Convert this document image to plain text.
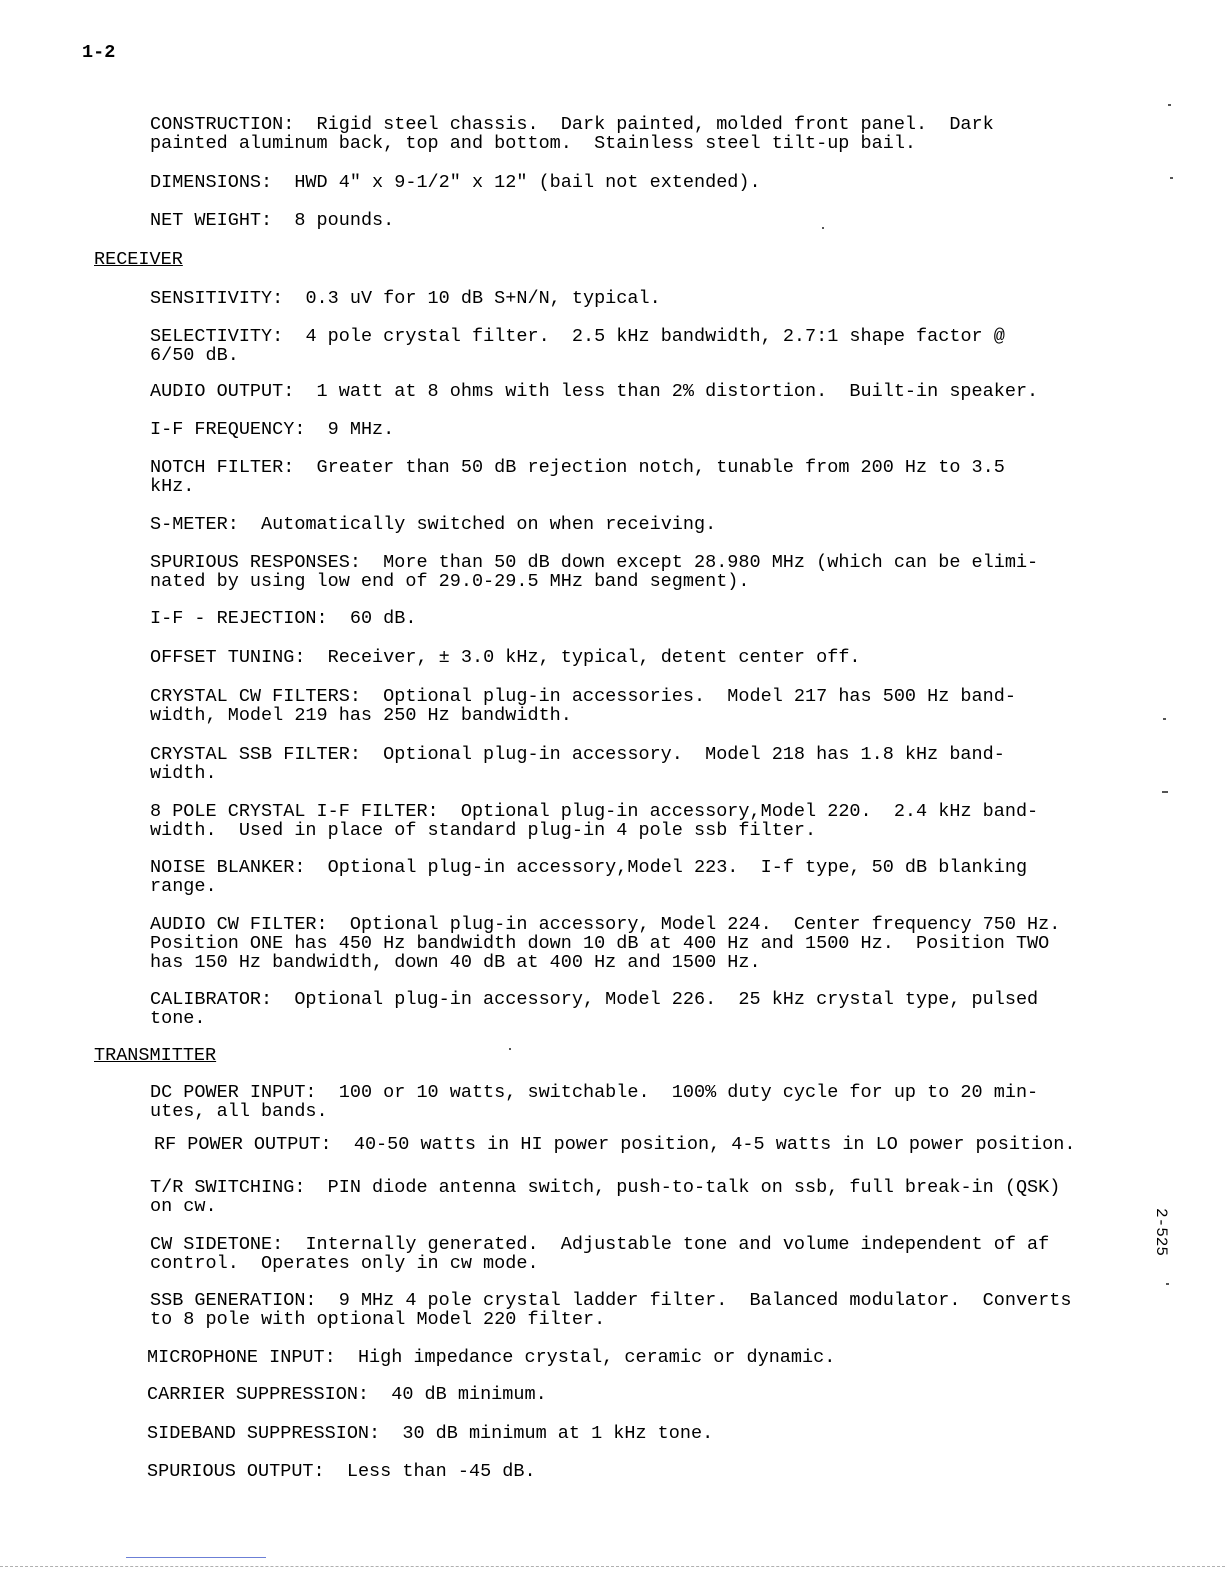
1-2
CONSTRUCTION:  Rigid steel chassis.  Dark painted, molded front panel.  Dark
painted aluminum back, top and bottom.  Stainless steel tilt-up bail.
DIMENSIONS:  HWD 4" x 9-1/2" x 12" (bail not extended).
NET WEIGHT:  8 pounds.
RECEIVER
SENSITIVITY:  0.3 uV for 10 dB S+N/N, typical.
SELECTIVITY:  4 pole crystal filter.  2.5 kHz bandwidth, 2.7:1 shape factor @
6/50 dB.
AUDIO OUTPUT:  1 watt at 8 ohms with less than 2% distortion.  Built-in speaker.
I-F FREQUENCY:  9 MHz.
NOTCH FILTER:  Greater than 50 dB rejection notch, tunable from 200 Hz to 3.5
kHz.
S-METER:  Automatically switched on when receiving.
SPURIOUS RESPONSES:  More than 50 dB down except 28.980 MHz (which can be elimi-
nated by using low end of 29.0-29.5 MHz band segment).
I-F - REJECTION:  60 dB.
OFFSET TUNING:  Receiver, ± 3.0 kHz, typical, detent center off.
CRYSTAL CW FILTERS:  Optional plug-in accessories.  Model 217 has 500 Hz band-
width, Model 219 has 250 Hz bandwidth.
CRYSTAL SSB FILTER:  Optional plug-in accessory.  Model 218 has 1.8 kHz band-
width.
8 POLE CRYSTAL I-F FILTER:  Optional plug-in accessory,Model 220.  2.4 kHz band-
width.  Used in place of standard plug-in 4 pole ssb filter.
NOISE BLANKER:  Optional plug-in accessory,Model 223.  I-f type, 50 dB blanking
range.
AUDIO CW FILTER:  Optional plug-in accessory, Model 224.  Center frequency 750 Hz.
Position ONE has 450 Hz bandwidth down 10 dB at 400 Hz and 1500 Hz.  Position TWO
has 150 Hz bandwidth, down 40 dB at 400 Hz and 1500 Hz.
CALIBRATOR:  Optional plug-in accessory, Model 226.  25 kHz crystal type, pulsed
tone.
TRANSMITTER
DC POWER INPUT:  100 or 10 watts, switchable.  100% duty cycle for up to 20 min-
utes, all bands.
RF POWER OUTPUT:  40-50 watts in HI power position, 4-5 watts in LO power position.
T/R SWITCHING:  PIN diode antenna switch, push-to-talk on ssb, full break-in (QSK)
on cw.
CW SIDETONE:  Internally generated.  Adjustable tone and volume independent of af
control.  Operates only in cw mode.
SSB GENERATION:  9 MHz 4 pole crystal ladder filter.  Balanced modulator.  Converts
to 8 pole with optional Model 220 filter.
MICROPHONE INPUT:  High impedance crystal, ceramic or dynamic.
CARRIER SUPPRESSION:  40 dB minimum.
SIDEBAND SUPPRESSION:  30 dB minimum at 1 kHz tone.
SPURIOUS OUTPUT:  Less than -45 dB.
2-525
